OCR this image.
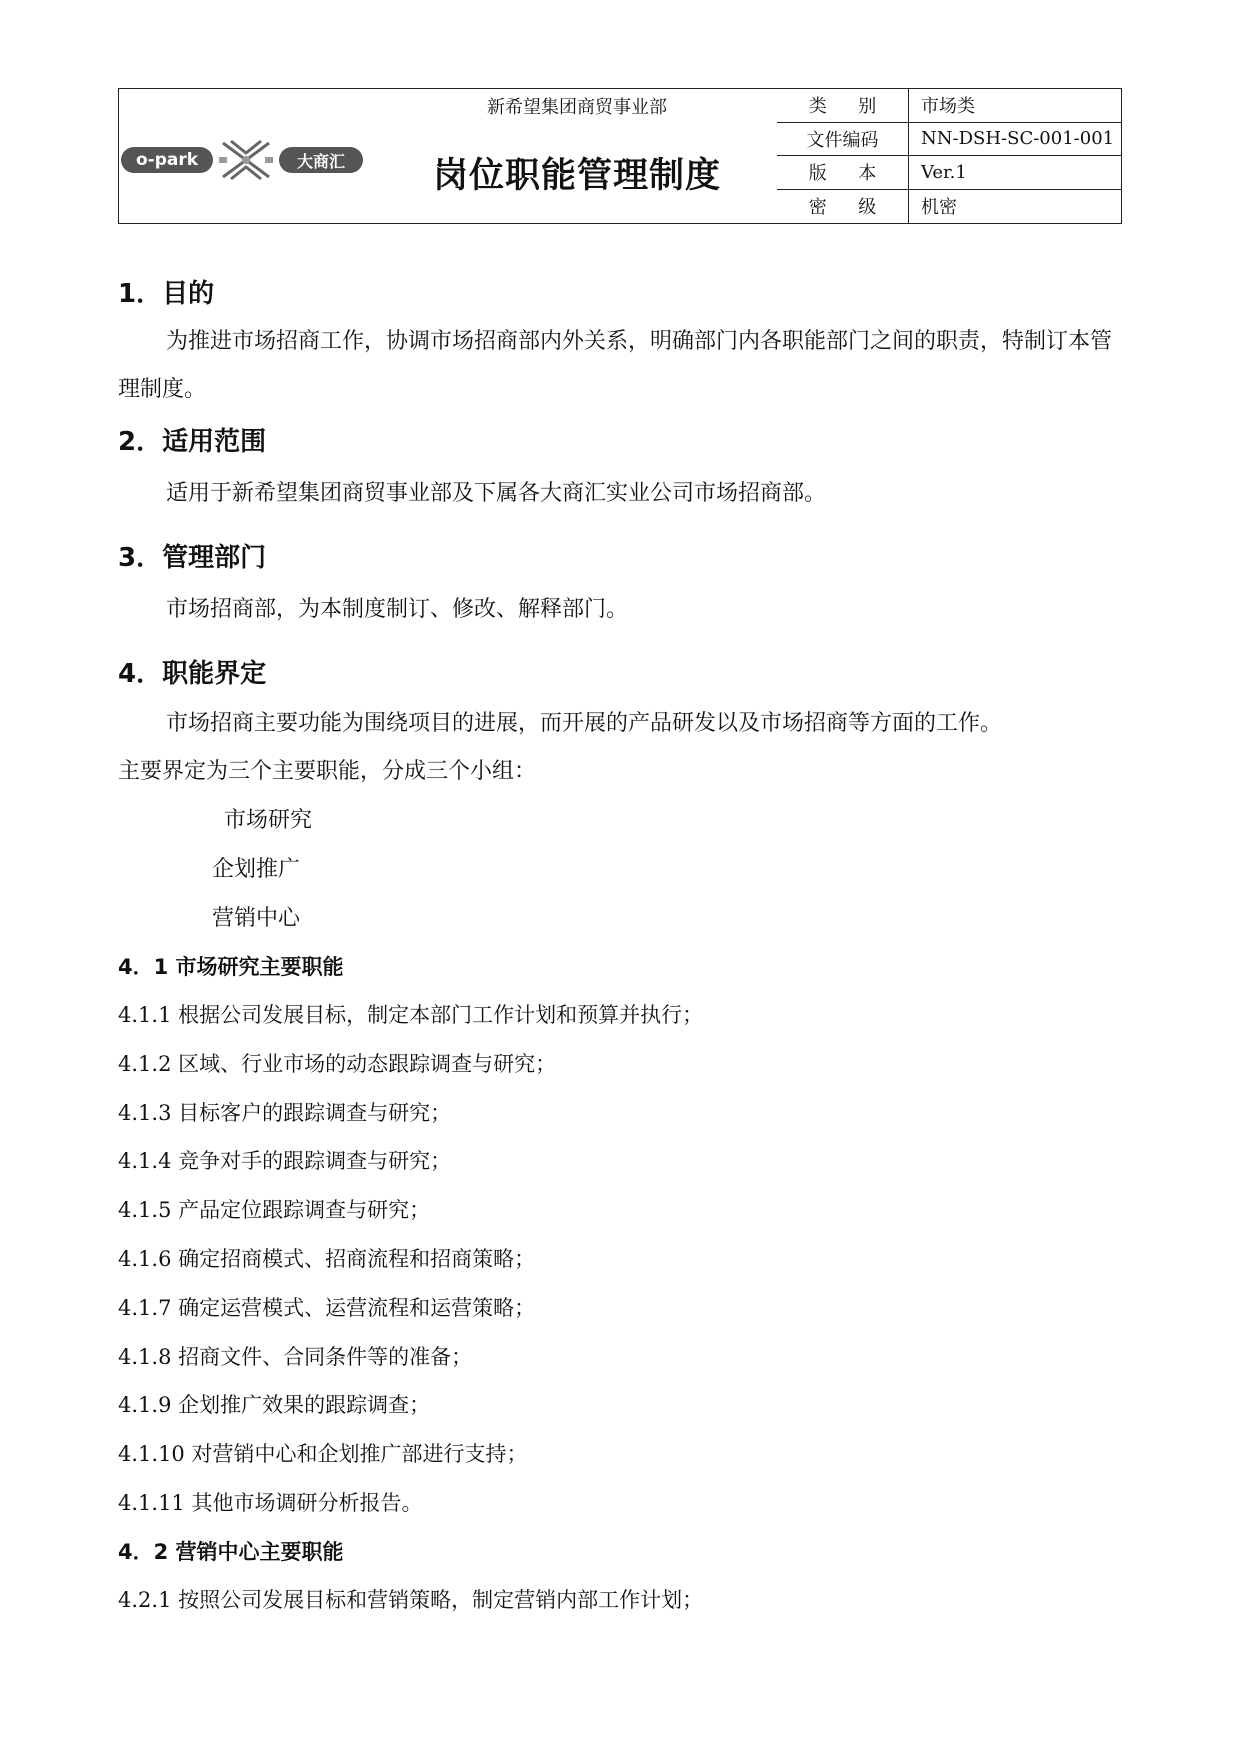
o-park	大商汇
新希望集团商贸事业部
岗位职能管理制度
类 别	市场类
文件编码	NN-DSH-SC-001-001
版 本	Ver.1
密 级	机密
1．目的

为推进市场招商工作，协调市场招商部内外关系，明确部门内各职能部门之间的职责，特制订本管理制度。

2．适用范围

适用于新希望集团商贸事业部及下属各大商汇实业公司市场招商部。

3．管理部门

市场招商部，为本制度制订、修改、解释部门。

4．职能界定

市场招商主要功能为围绕项目的进展，而开展的产品研发以及市场招商等方面的工作。

主要界定为三个主要职能，分成三个小组：

市场研究

企划推广

营销中心

4．1 市场研究主要职能

4.1.1 根据公司发展目标，制定本部门工作计划和预算并执行；

4.1.2 区域、行业市场的动态跟踪调查与研究；

4.1.3 目标客户的跟踪调查与研究；

4.1.4 竞争对手的跟踪调查与研究；

4.1.5 产品定位跟踪调查与研究；

4.1.6 确定招商模式、招商流程和招商策略；

4.1.7 确定运营模式、运营流程和运营策略；

4.1.8 招商文件、合同条件等的准备；

4.1.9 企划推广效果的跟踪调查；

4.1.10 对营销中心和企划推广部进行支持；

4.1.11 其他市场调研分析报告。

4．2 营销中心主要职能

4.2.1 按照公司发展目标和营销策略，制定营销内部工作计划；
